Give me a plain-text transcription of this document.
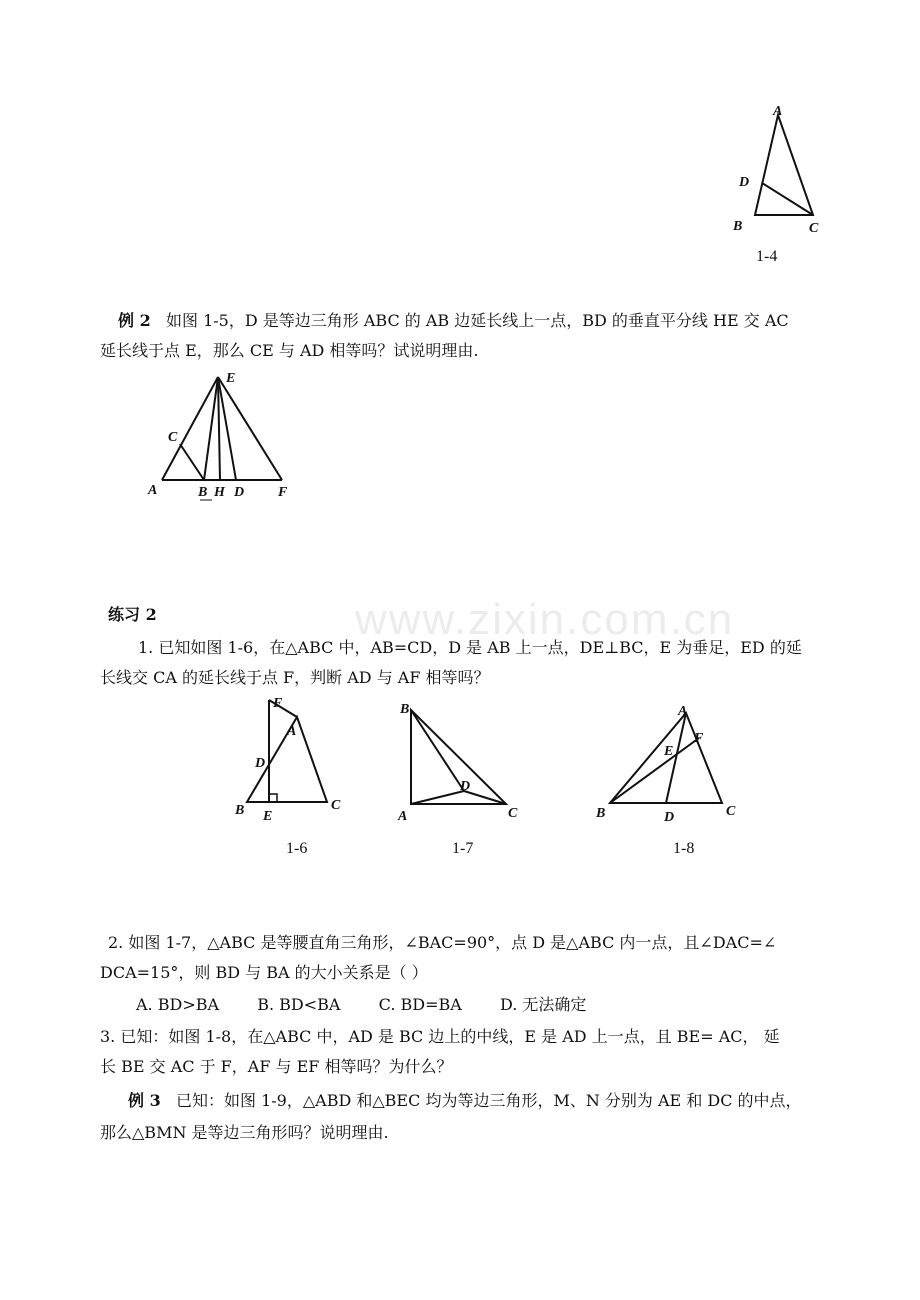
www.zixin.com.cn
A
D
B	C
1-4
例 2 如图 1-5，D 是等边三角形 ABC 的 AB 边延长线上一点，BD 的垂直平分线 HE 交 AC
延长线于点 E，那么 CE 与 AD 相等吗？试说明理由.
E
C
A	B H D F
练习 2
1. 已知如图 1-6，在△ABC 中，AB=CD，D 是 AB 上一点，DE⊥BC，E 为垂足，ED 的延
长线交 CA 的延长线于点 F，判断 AD 与 AF 相等吗？
F
A
D
B E
C
1-6
B
D
A	C
1-7
A
E
F
B	D	C
1-8
2. 如图 1-7，△ABC 是等腰直角三角形，∠BAC=90°，点 D 是△ABC 内一点，且∠DAC=∠
DCA=15°，则 BD 与 BA 的大小关系是（ ）
A. BD>BA B. BD<BA C. BD=BA D. 无法确定
3. 已知：如图 1-8，在△ABC 中，AD 是 BC 边上的中线，E 是 AD 上一点，且 BE= AC， 延
长 BE 交 AC 于 F，AF 与 EF 相等吗？为什么？
例 3 已知：如图 1-9，△ABD 和△BEC 均为等边三角形，M、N 分别为 AE 和 DC 的中点，
那么△BMN 是等边三角形吗？说明理由.
